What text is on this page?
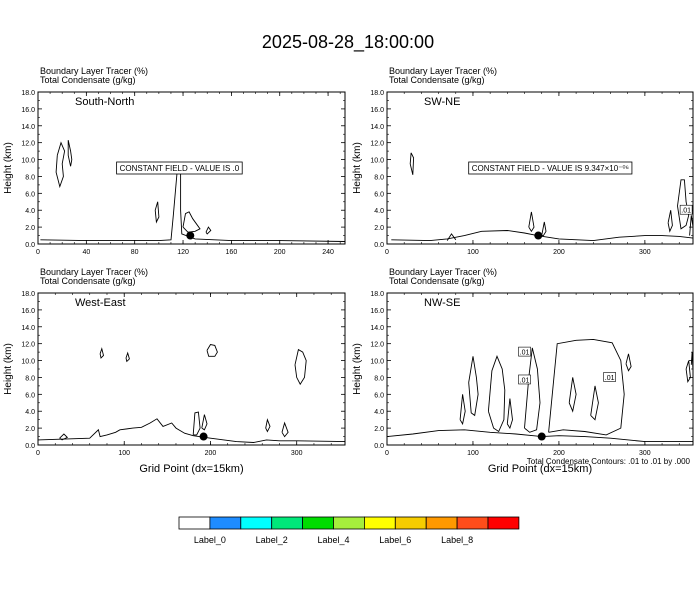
2025-08-28_18:00:00
Boundary Layer Tracer (%)
Total Condensate (g/kg)
0.0
2.0
4.0
6.0
8.0
10.0
12.0
14.0
16.0
18.0
0	40	80	120	160	200	240
Height (km)
South-North
CONSTANT FIELD - VALUE IS .0
Boundary Layer Tracer (%)
Total Condensate (g/kg)
0.0
2.0
4.0
6.0
8.0
10.0
12.0
14.0
16.0
18.0
0	100	200	300
Height (km)
SW-NE
CONSTANT FIELD - VALUE IS 9.347×10⁻⁰⁶
.01
Boundary Layer Tracer (%)
Total Condensate (g/kg)
0.0
2.0
4.0
6.0
8.0
10.0
12.0
14.0
16.0
18.0
0	100	200	300
Height (km)
Grid Point (dx=15km)
West-East
Boundary Layer Tracer (%)
Total Condensate (g/kg)
0.0
2.0
4.0
6.0
8.0
10.0
12.0
14.0
16.0
18.0
0	100	200	300
Height (km)
Grid Point (dx=15km)
NW-SE
.01
.01	.01
Total Condensate Contours: .01 to .01 by .000
Label_0	Label_2	Label_4	Label_6	Label_8
